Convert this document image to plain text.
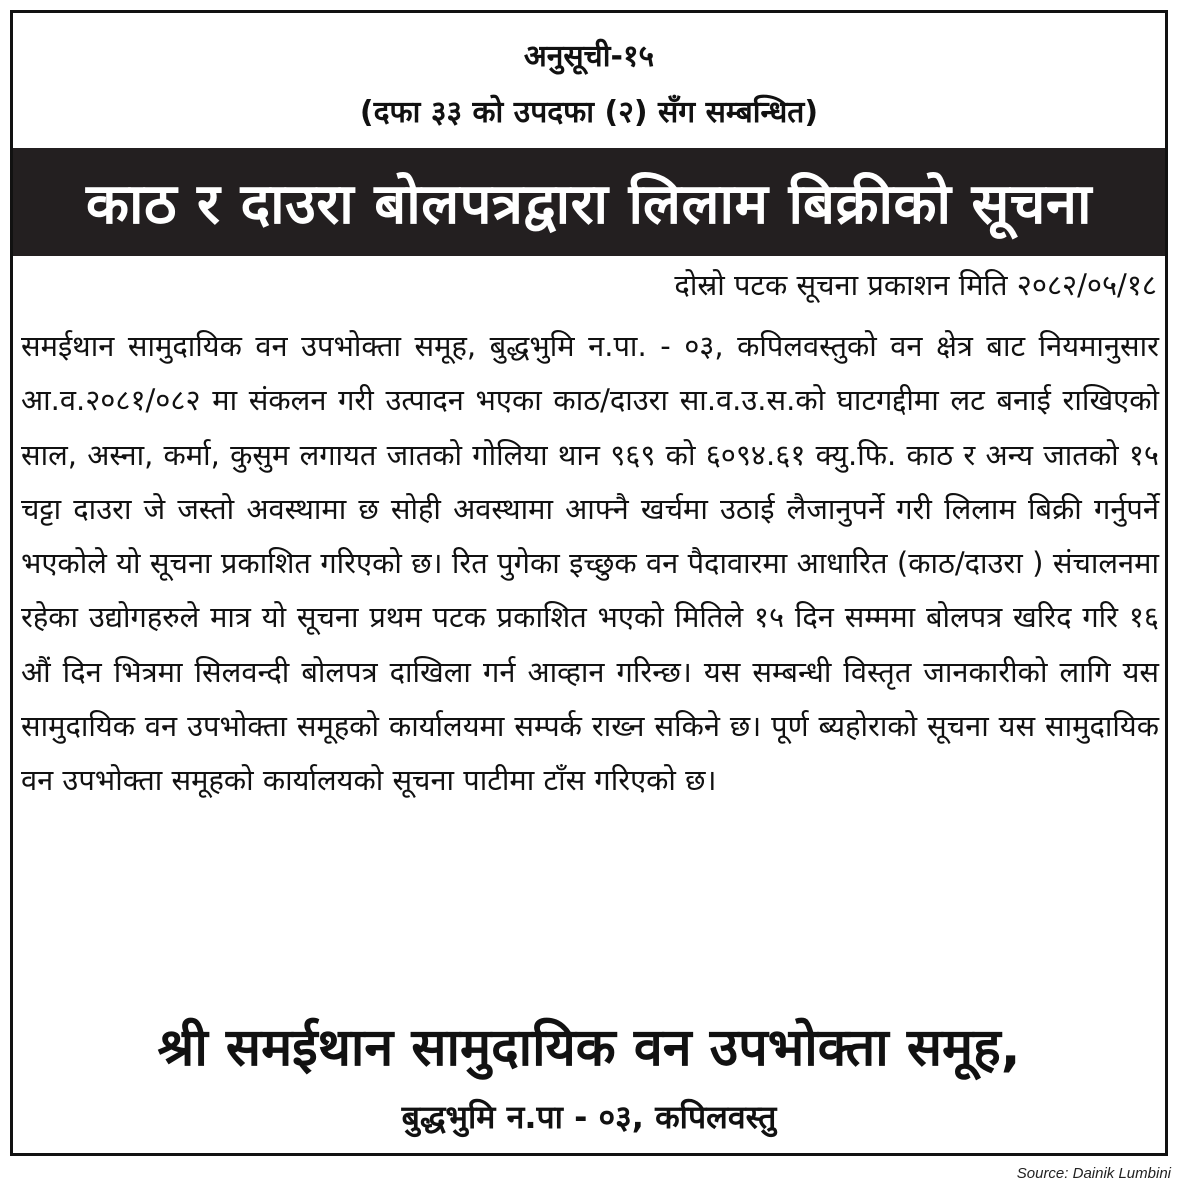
अनुसूची-१५
(दफा ३३ को उपदफा (२) सँग सम्बन्धित)
काठ र दाउरा बोलपत्रद्वारा लिलाम बिक्रीको सूचना
दोस्रो पटक सूचना प्रकाशन मिति २०८२/०५/१८

समईथान सामुदायिक वन उपभोक्ता समूह, बुद्धभुमि न.पा. - ०३, कपिलवस्तुको वन क्षेत्र बाट नियमानुसार आ.व.२०८१/०८२ मा संकलन गरी उत्पादन भएका काठ/दाउरा सा.व.उ.स.को घाटगद्दीमा लट बनाई राखिएको साल, अस्ना, कर्मा, कुसुम लगायत जातको गोलिया थान ९६९ को ६०९४.६१ क्यु.फि. काठ र अन्य जातको १५ चट्टा दाउरा जे जस्तो अवस्थामा छ सोही अवस्थामा आफ्नै खर्चमा उठाई लैजानुपर्ने गरी लिलाम बिक्री गर्नुपर्ने भएकोले यो सूचना प्रकाशित गरिएको छ। रित पुगेका इच्छुक वन पैदावारमा आधारित (काठ/दाउरा ) संचालनमा रहेका उद्योगहरुले मात्र यो सूचना प्रथम पटक प्रकाशित भएको मितिले १५ दिन सम्ममा बोलपत्र खरिद गरि १६ औं दिन भित्रमा सिलवन्दी बोलपत्र दाखिला गर्न आव्हान गरिन्छ। यस सम्बन्धी विस्तृत जानकारीको लागि यस सामुदायिक वन उपभोक्ता समूहको कार्यालयमा सम्पर्क राख्न सकिने छ। पूर्ण ब्यहोराको सूचना यस सामुदायिक वन उपभोक्ता समूहको कार्यालयको सूचना पाटीमा टाँस गरिएको छ।

श्री समईथान सामुदायिक वन उपभोक्ता समूह,
बुद्धभुमि न.पा - ०३, कपिलवस्तु
Source: Dainik Lumbini
